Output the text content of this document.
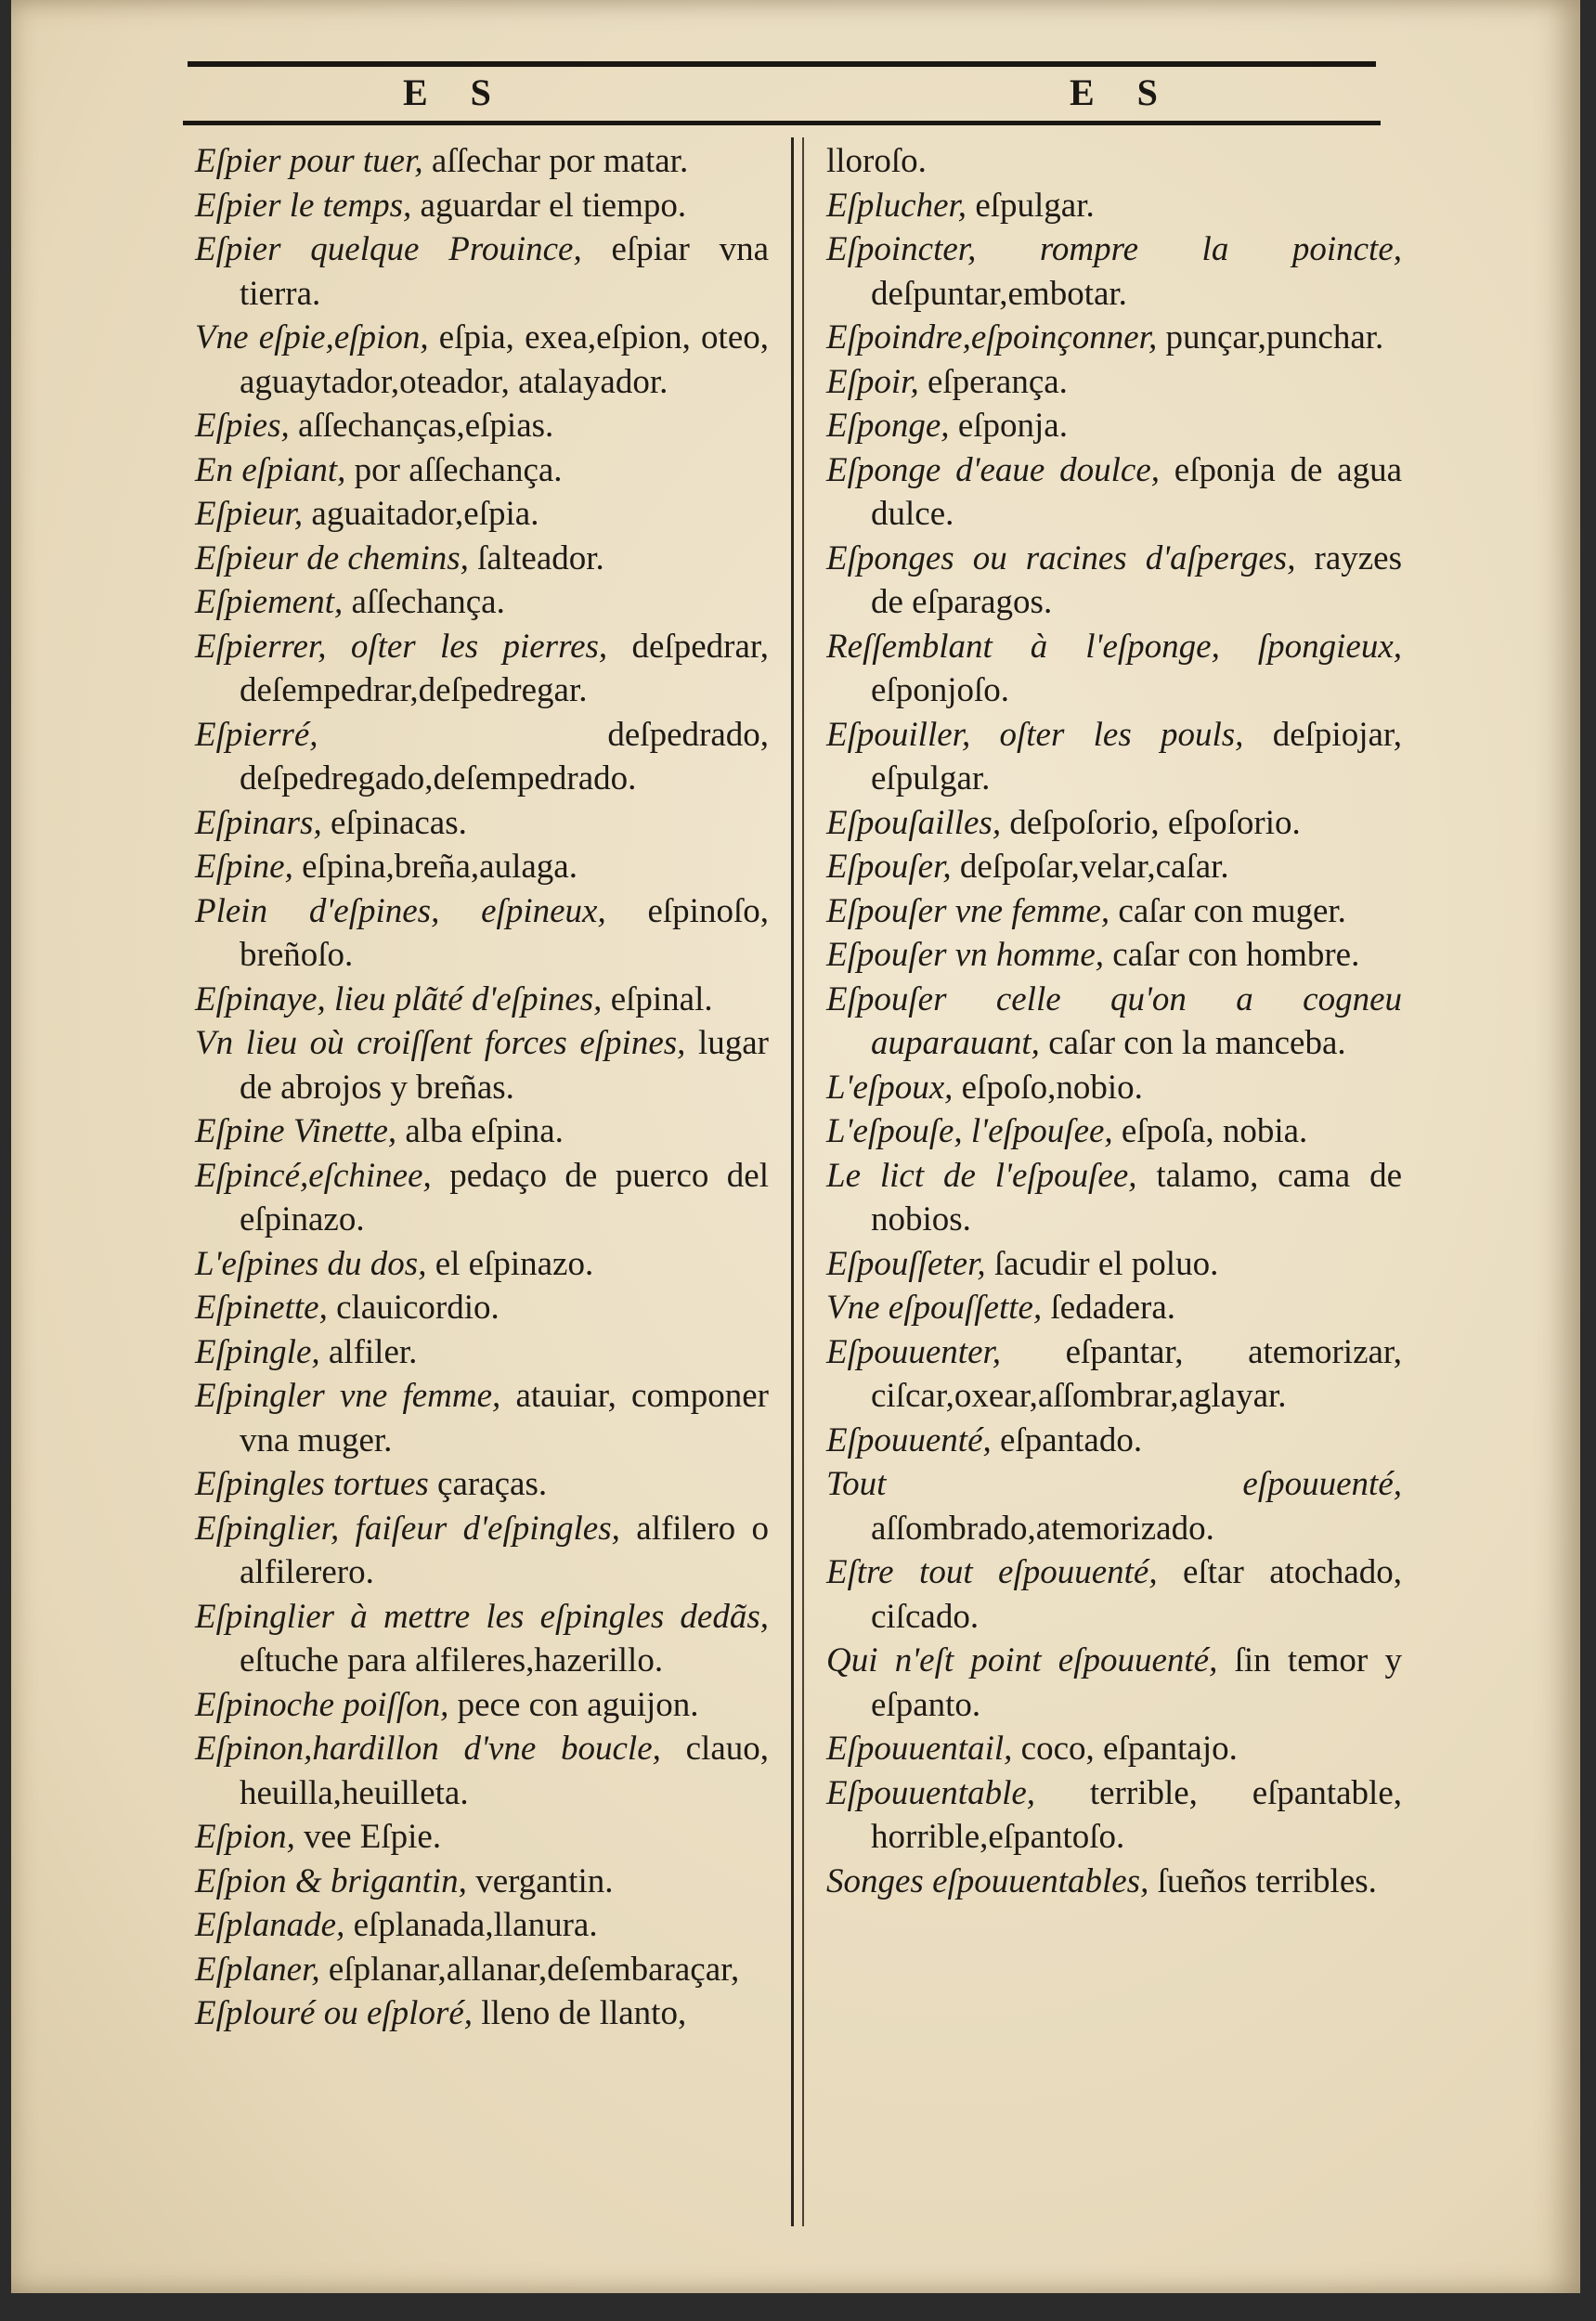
E S	E S

Eſpier pour tuer, aſſechar por matar.

Eſpier le temps, aguardar el tiempo.

Eſpier quelque Prouince, eſpiar vna tierra.

Vne eſpie,eſpion, eſpia, exea,eſpion, oteo, aguaytador,oteador, atalayador.

Eſpies, aſſechanças,eſpias.

En eſpiant, por aſſechança.

Eſpieur, aguaitador,eſpia.

Eſpieur de chemins, ſalteador.

Eſpiement, aſſechança.

Eſpierrer, oſter les pierres, deſpedrar, deſempedrar,deſpedregar.

Eſpierré,	deſpedrado, deſpedregado,deſempedrado.

Eſpinars, eſpinacas.

Eſpine, eſpina,breña,aulaga.

Plein d'eſpines, eſpineux, eſpinoſo, breñoſo.

Eſpinaye, lieu plãté d'eſpines, eſpinal.

Vn lieu où croiſſent forces eſpines, lugar de abrojos y breñas.

Eſpine Vinette, alba eſpina.

Eſpincé,eſchinee, pedaço de puerco del eſpinazo.

L'eſpines du dos, el eſpinazo.

Eſpinette, clauicordio.

Eſpingle, alfiler.

Eſpingler vne femme, atauiar, componer vna muger.

Eſpingles tortues çaraças.

Eſpinglier, faiſeur d'eſpingles, alfilero o alfilerero.

Eſpinglier à mettre les eſpingles dedãs, eſtuche para alfileres,hazerillo.

Eſpinoche poiſſon, pece con aguijon.

Eſpinon,hardillon d'vne boucle, clauo, heuilla,heuilleta.

Eſpion, vee Eſpie.

Eſpion & brigantin, vergantin.

Eſplanade, eſplanada,llanura.

Eſplaner, eſplanar,allanar,deſembaraçar,

Eſplouré ou eſploré, lleno de llanto,

lloroſo.

Eſplucher, eſpulgar.

Eſpoincter, rompre la poincte, deſpuntar,embotar.

Eſpoindre,eſpoinçonner, punçar,punchar.

Eſpoir, eſperança.

Eſponge, eſponja.

Eſponge d'eaue doulce, eſponja de agua dulce.

Eſponges ou racines d'aſperges, rayzes de eſparagos.

Reſſemblant à l'eſponge, ſpongieux, eſponjoſo.

Eſpouiller, oſter les pouls, deſpiojar, eſpulgar.

Eſpouſailles, deſpoſorio, eſpoſorio.

Eſpouſer, deſpoſar,velar,caſar.

Eſpouſer vne femme, caſar con muger.

Eſpouſer vn homme, caſar con hombre.

Eſpouſer celle qu'on a cogneu auparauant, caſar con la manceba.

L'eſpoux, eſpoſo,nobio.

L'eſpouſe, l'eſpouſee, eſpoſa, nobia.

Le lict de l'eſpouſee, talamo, cama de nobios.

Eſpouſſeter, ſacudir el poluo.

Vne eſpouſſette, ſedadera.

Eſpouuenter, eſpantar, atemorizar, ciſcar,oxear,aſſombrar,aglayar.

Eſpouuenté, eſpantado.

Tout eſpouuenté, aſſombrado,atemorizado.

Eſtre tout eſpouuenté, eſtar atochado, ciſcado.

Qui n'eſt point eſpouuenté, ſin temor y eſpanto.

Eſpouuentail, coco, eſpantajo.

Eſpouuentable, terrible, eſpantable, horrible,eſpantoſo.

Songes eſpouuentables, ſueños terribles.
